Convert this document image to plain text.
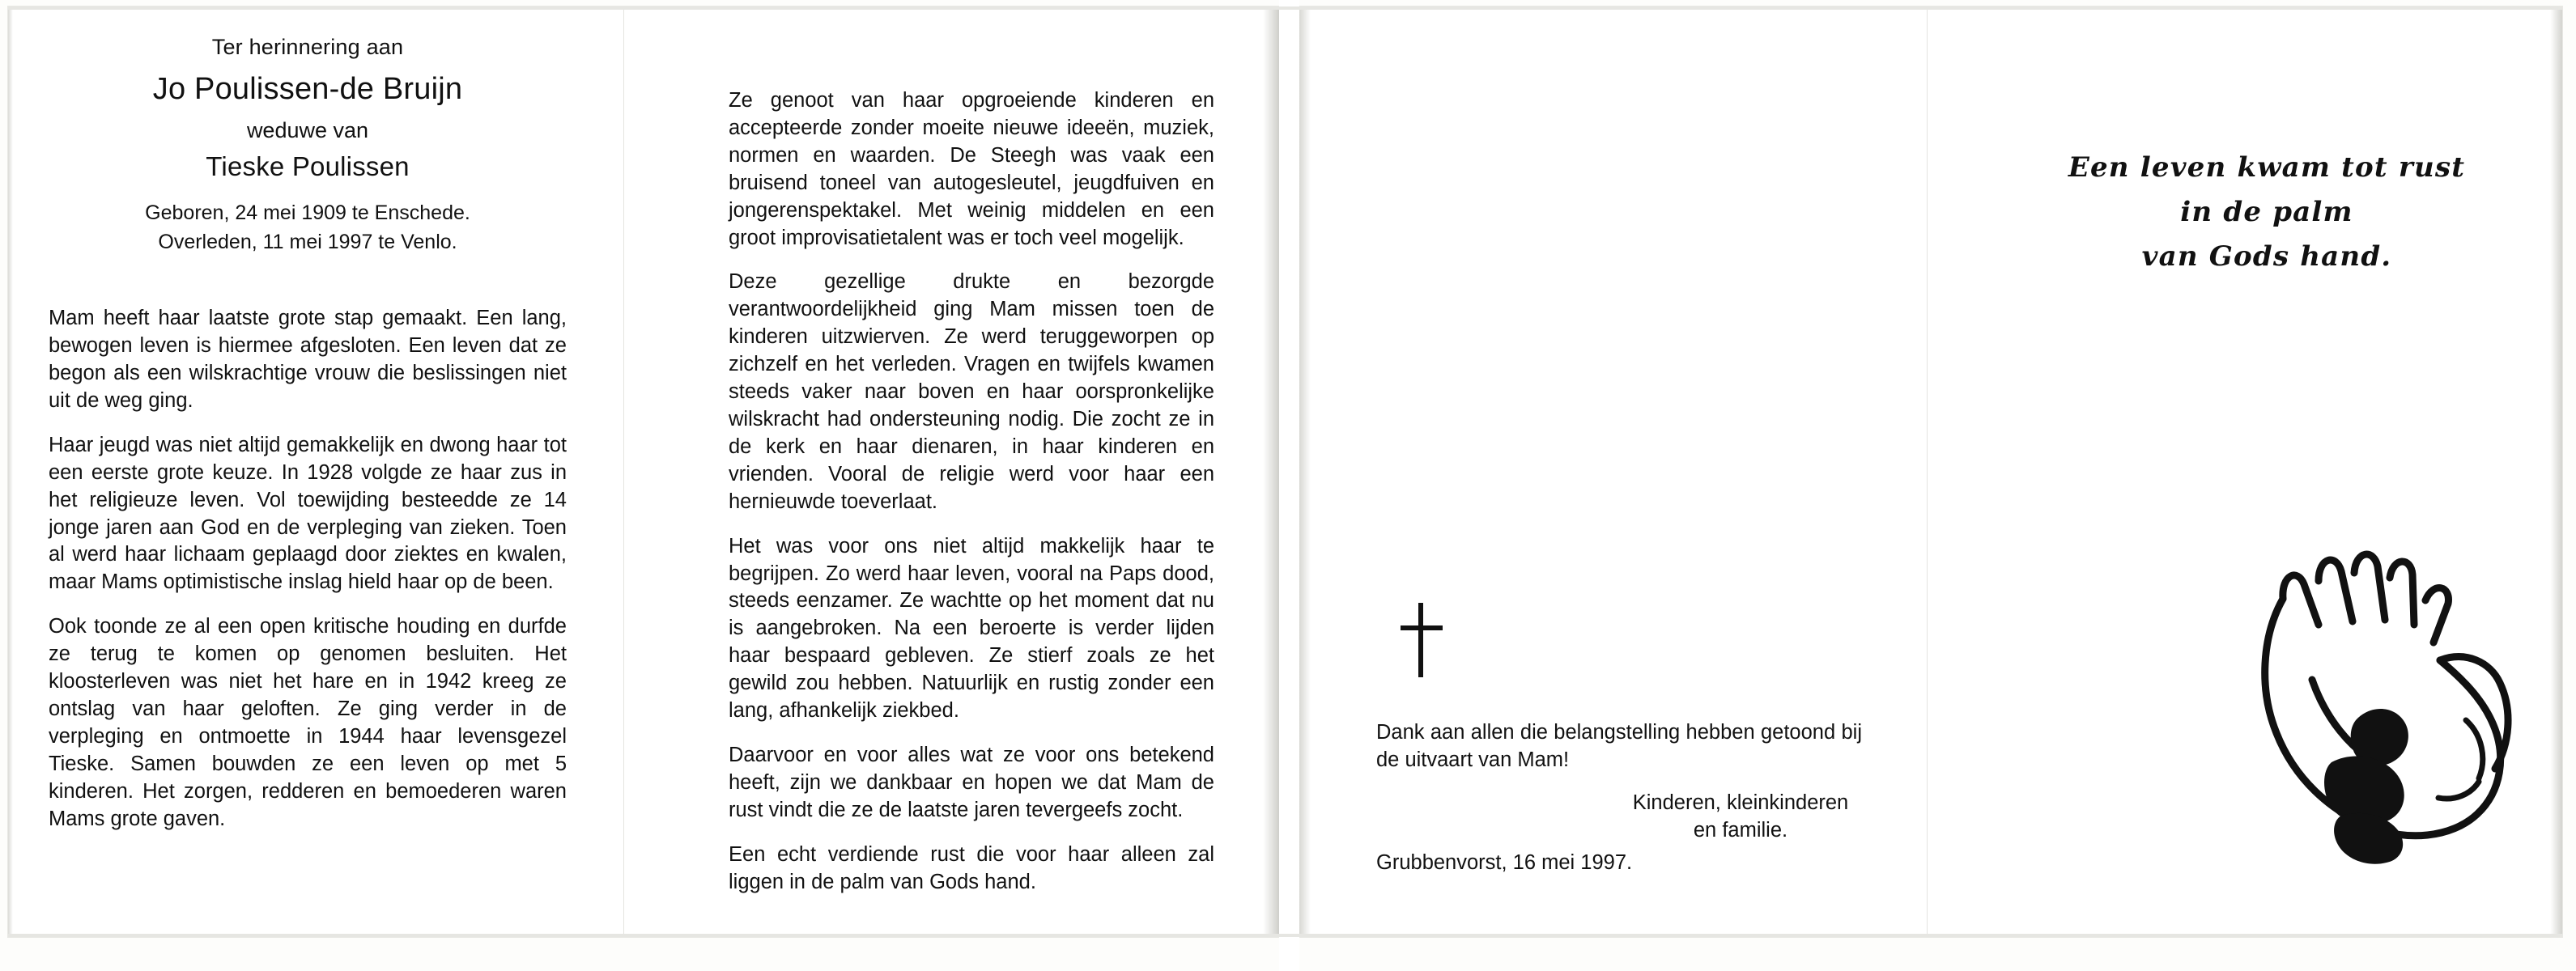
Ter herinnering aan
Jo Poulissen-de Bruijn
weduwe van
Tieske Poulissen
Geboren, 24 mei 1909 te Enschede.
Overleden, 11 mei 1997 te Venlo.

Mam heeft haar laatste grote stap gemaakt. Een lang, bewogen leven is hiermee afgesloten. Een leven dat ze begon als een wilskrachtige vrouw die beslissingen niet uit de weg ging.

Haar jeugd was niet altijd gemakkelijk en dwong haar tot een eerste grote keuze. In 1928 volgde ze haar zus in het religieuze leven. Vol toewijding besteedde ze 14 jonge jaren aan God en de verpleging van zieken. Toen al werd haar lichaam geplaagd door ziektes en kwalen, maar Mams optimistische inslag hield haar op de been.

Ook toonde ze al een open kritische houding en durfde ze terug te komen op genomen besluiten. Het kloosterleven was niet het hare en in 1942 kreeg ze ontslag van haar geloften. Ze ging verder in de verpleging en ontmoette in 1944 haar levensgezel Tieske. Samen bouwden ze een leven op met 5 kinderen. Het zorgen, redderen en bemoederen waren Mams grote gaven.

Ze genoot van haar opgroeiende kinderen en accepteerde zonder moeite nieuwe ideeën, muziek, normen en waarden. De Steegh was vaak een bruisend toneel van autogesleutel, jeugdfuiven en jongerenspektakel. Met weinig middelen en een groot improvisatietalent was er toch veel mogelijk.

Deze gezellige drukte en bezorgde verantwoordelijkheid ging Mam missen toen de kinderen uitzwierven. Ze werd teruggeworpen op zichzelf en het verleden. Vragen en twijfels kwamen steeds vaker naar boven en haar oorspronkelijke wilskracht had ondersteuning nodig. Die zocht ze in de kerk en haar dienaren, in haar kinderen en vrienden. Vooral de religie werd voor haar een hernieuwde toeverlaat.

Het was voor ons niet altijd makkelijk haar te begrijpen. Zo werd haar leven, vooral na Paps dood, steeds eenzamer. Ze wachtte op het moment dat nu is aangebroken. Na een beroerte is verder lijden haar bespaard gebleven. Ze stierf zoals ze het gewild zou hebben. Natuurlijk en rustig zonder een lang, afhankelijk ziekbed.

Daarvoor en voor alles wat ze voor ons betekend heeft, zijn we dankbaar en hopen we dat Mam de rust vindt die ze de laatste jaren tevergeefs zocht.

Een echt verdiende rust die voor haar alleen zal liggen in de palm van Gods hand.

Dank aan allen die belangstelling hebben getoond bij de uitvaart van Mam!
Kinderen, kleinkinderen en familie.
Grubbenvorst, 16 mei 1997.
Een leven kwam tot rust
in de palm
van Gods hand.
